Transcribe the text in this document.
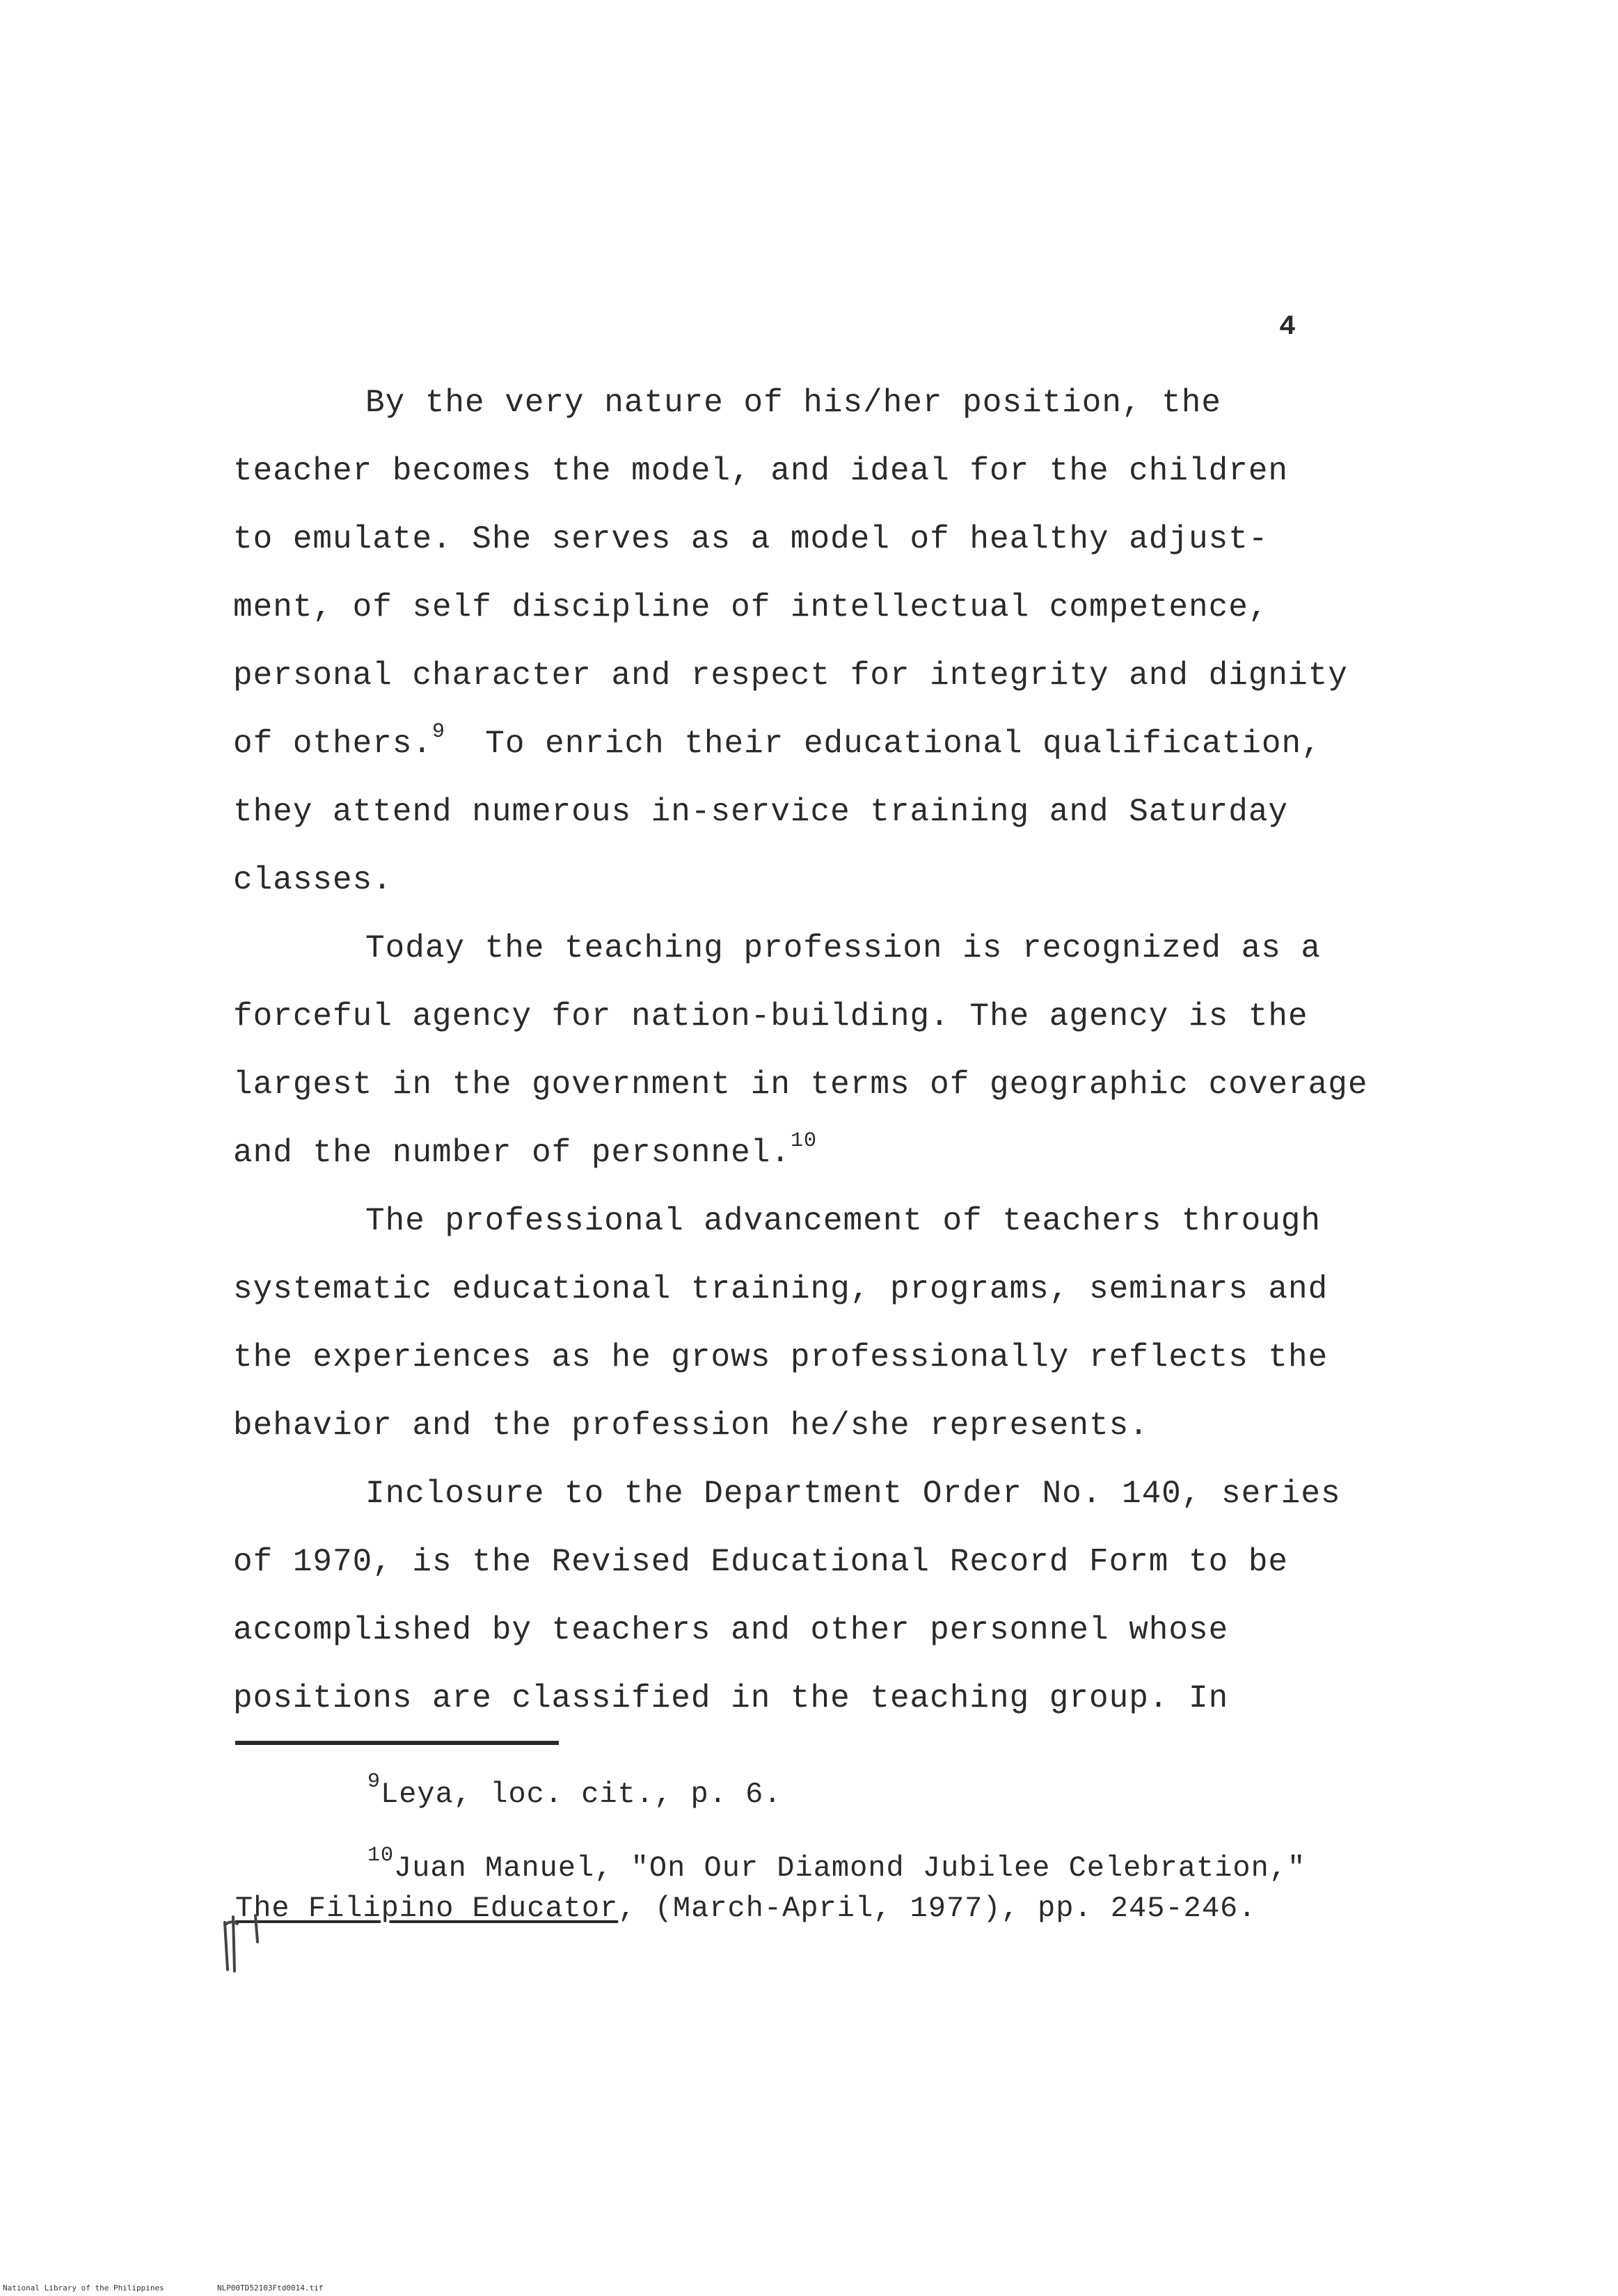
4
By the very nature of his/her position, the
teacher becomes the model, and ideal for the children
to emulate. She serves as a model of healthy adjust-
ment, of self discipline of intellectual competence,
personal character and respect for integrity and dignity
of others.$^9$ To enrich their educational qualification,
they attend numerous in-service training and Saturday
classes.
Today the teaching profession is recognized as a
forceful agency for nation-building. The agency is the
largest in the government in terms of geographic coverage
and the number of personnel.$^{10}$
The professional advancement of teachers through
systematic educational training, programs, seminars and
the experiences as he grows professionally reflects the
behavior and the profession he/she represents.
Inclosure to the Department Order No. 140, series
of 1970, is the Revised Educational Record Form to be
accomplished by teachers and other personnel whose
positions are classified in the teaching group. In
$^9$Leya, loc. cit., p. 6.
$^{10}$Juan Manuel, "On Our Diamond Jubilee Celebration,"
The Filipino Educator, (March-April, 1977), pp. 245-246.
National Library of the Philippines	NLP00TD52103Ftd0014.tif
